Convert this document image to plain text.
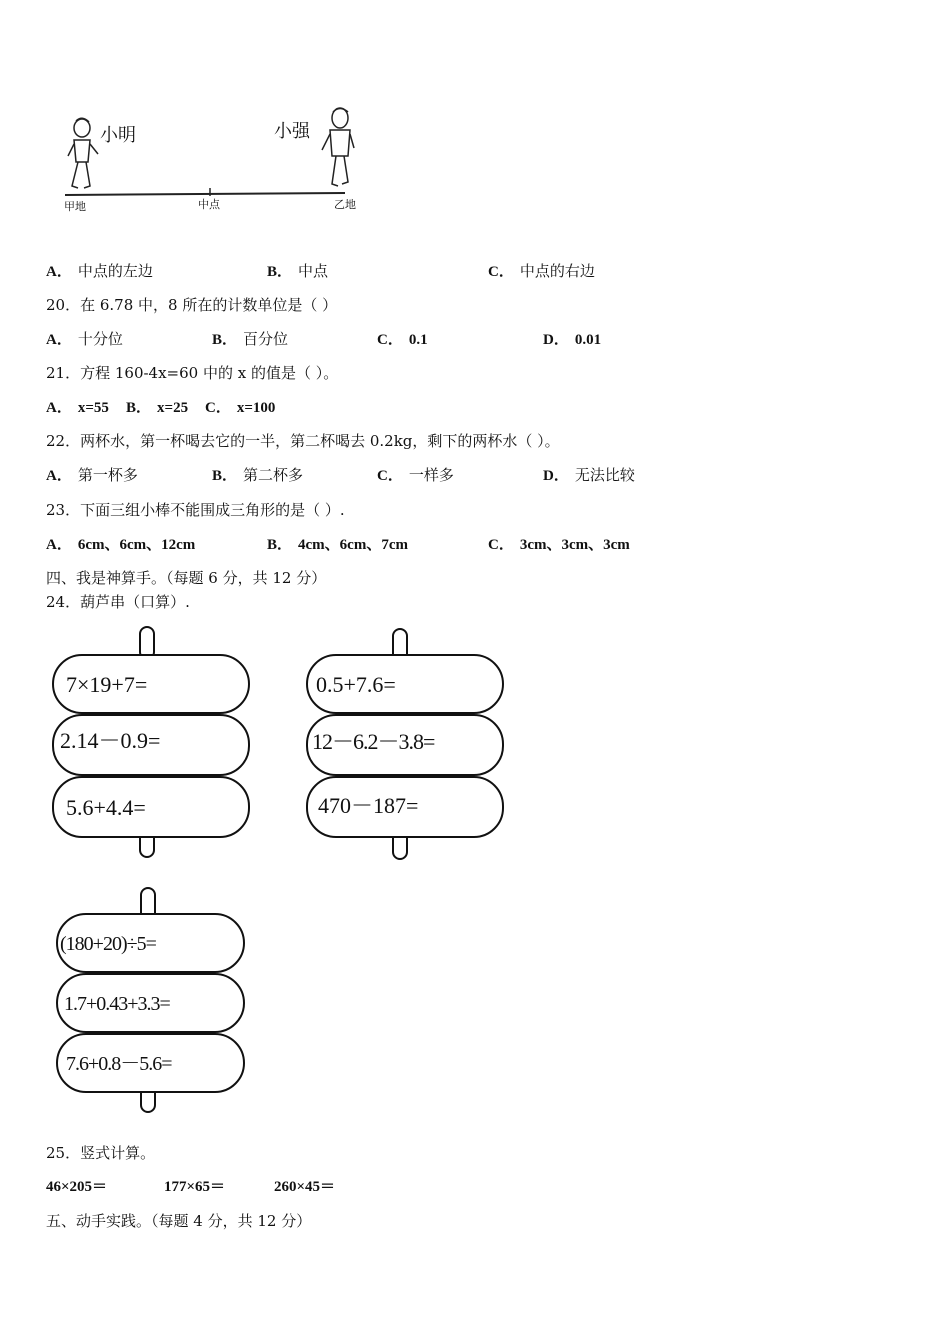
小明	小强
甲地	中点	乙地
A． 中点的左边	B． 中点	C． 中点的右边
20．在 6.78 中，8 所在的计数单位是（ ）
A． 十分位	B． 百分位	C． 0.1	D． 0.01
21．方程 160-4x=60 中的 x 的值是（ ）。
A． x=55 B． x=25 C． x=100
22．两杯水，第一杯喝去它的一半，第二杯喝去 0.2kg，剩下的两杯水（ ）。
A． 第一杯多	B． 第二杯多	C． 一样多	D． 无法比较
23．下面三组小棒不能围成三角形的是（ ）.
A． 6cm、6cm、12cm	B． 4cm、6cm、7cm	C． 3cm、3cm、3cm
四、我是神算手。（每题 6 分，共 12 分）
24．葫芦串（口算）.
7×19+7=
2.14－0.9=
5.6+4.4=
0.5+7.6=
12－6.2－3.8=
470－187=
(180+20)÷5=
1.7+0.43+3.3=
7.6+0.8－5.6=
25．竖式计算。
46×205＝	177×65＝	260×45＝
五、动手实践。（每题 4 分，共 12 分）
